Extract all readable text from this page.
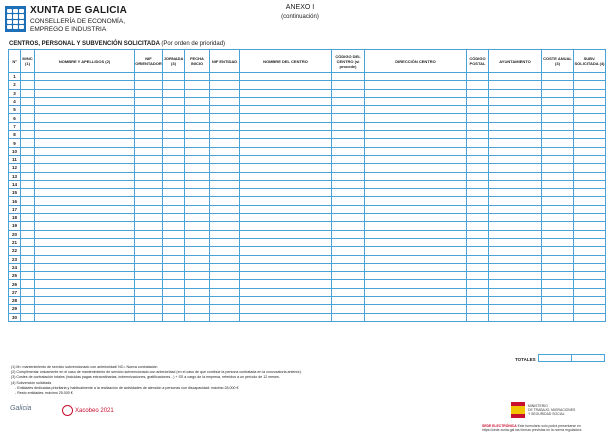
XUNTA DE GALICIA
CONSELLERÍA DE ECONOMÍA,
EMPREGO E INDUSTRIA
ANEXO I
(continuación)
CENTROS, PERSONAL Y SUBVENCIÓN SOLICITADA (Por orden de prioridad)
Nº	M/NC (1)	NOMBRE Y APELLIDOS (2)	NIF ORIENTADOR	JORNADA (3)	FECHA INICIO	NIF ENTIDAD	NOMBRE DEL CENTRO	CÓDIGO DEL CENTRO (si procede)	DIRECCIÓN CENTRO	CÓDIGO POSTAL	AYUNTAMIENTO	COSTE ANUAL (3)	SUBV. SOLICITADA (4)
1													
2													
3													
4													
5													
6													
7													
8													
9													
10													
11													
12													
13													
14													
15													
16													
17													
18													
19													
20													
21													
22													
23													
24													
25													
26													
27													
28													
29													
30													
TOTALES
(1) M= mantenimiento de servicio subvencionado con anterioridad/ NC= Nueva contratación
(2) Cumplimentar únicamente en el caso de mantenimiento de servicio subvencionado con anterioridad (en el caso de que continúe la persona contratada en la convocatoria anterior).
(3) Costes de contratación totales (incluidas pagas extraordinarias, indemnizaciones, gratificaciones...) + SS a cargo de la empresa, referidos a un período de 12 meses.
(4) Subvención solicitada
- Entidades dedicadas prioritaria y habitualmente a la realización de actividades de atención a personas con discapacidad: máximo 28.000 €
- Resto entidades: máximo 25.000 €
Galicia	Xacobeo 2021
MINISTERIO
DE TRABAJO, MIGRACIONES
Y SEGURIDAD SOCIAL
SEDE ELECTRÓNICA Este formulario solo podrá presentarse en
https://sede.xunta.gal las formas previstas en la norma reguladora
